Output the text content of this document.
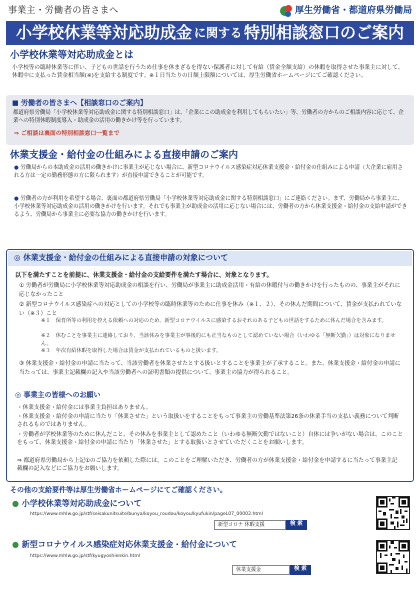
事業主・労働者の皆さまへ	厚生労働省・都道府県労働局
小学校休業等対応助成金 に関する 特別相談窓口のご案内
小学校休業等対応助成金とは
小学校等の臨時休業等に伴い、子どもの世話を行うため仕事を休まざるを得ない保護者に対して有給（賃金全額支給）の休暇を取得させた事業主に対して、休暇中に支払った賃金相当額(※)を支給する制度です。※１日当たりの日額上限額については、厚生労働省ホームページにてご確認ください。
■ 労働者の皆さまへ【相談窓口のご案内】
都道府県労働局「小学校休業等対応助成金に関する特別相談窓口」は、「企業にこの助成金を利用してもらいたい」等、労働者の方からのご相談内容に応じて、企業への特別休暇制度導入・助成金の活用の働きかけ等を行っています。
⇒ ご相談は裏面の特別相談窓口一覧まで
休業支援金・給付金の仕組みによる直接申請のご案内
● 労働局からの本助成金の活用の働きかけに事業主が応じない場合に、新型コロナウイルス感染症対応休業支援金・給付金の仕組みによる申請（大企業に雇用される方は一定の勤務形態の方に限られます）が直接申請できることが可能です。
● 労働者の方が利用を希望する場合、裏面の都道府県労働局「小学校休業等対応助成金に関する特別相談窓口」にご連絡ください。まず、労働局から事業主に、小学校休業等対応助成金の活用の働きかけを行います。それでも事業主が助成金の活用に応じない場合には、労働者の方から休業支援金・給付金の支給申請ができるよう、労働局から事業主に必要な協力の働きかけを行います。
◎ 休業支援金・給付金の仕組みによる直接申請の対象について
以下を満たすことを前提に、休業支援金・給付金の支給要件を満たす場合に、対象となります。
① 労働者が労働局に小学校休業等対応助成金の相談を行い、労働局が事業主に助成金活用・有給の休暇付与の働きかけを行ったものの、事業主がそれに応じなかったこと
② 新型コロナウイルス感染症への対応としての小学校等の臨時休業等のために仕事を休み（※１、２）、その休んだ期間について、賃金が支払われていない（※３）こと
※１　保育所等の利用を控える依頼への対応のため、新型コロナウイルスに感染するおそれのある子どもの世話をするために休んだ場合を含みます。
※２　休むことを事業主に連絡しており、当該休みを事業主が事後的にも正当なものとして認めていない場合（いわゆる「無断欠勤」）は対象になりません。
※３　年次有給休暇を取得した場合は賃金が支払われているものと扱います。
③ 休業支援金・給付金の申請に当たって、当該労働者を休業させたとする扱いとすることを事業主が了承すること。また、休業支援金・給付金の申請に当たっては、事業主記載欄の記入や当該労働者への証明書類の提供について、事業主の協力が得られること。
◎ 事業主の皆様へのお願い
・休業支援金・給付金には事業主負担はありません。
・休業支援金・給付金の申請に当たり「休業させた」という取扱いをすることをもって事業主の労働基準法第26条の休業手当の支払い義務について判断されるものではありません。
・労働者が学校休業等のために休んだこと、その休みを事業主として認めたこと（いわゆる無断欠勤ではないこと）自体には争いがない場合は、このことをもって、休業支援金・給付金の申請に当たり「休業させた」とする取扱いとさせていただくことをお願いします。
⇒ 都道府県労働局から上記①のご協力を依頼した際には、このことをご理解いただき、労働者の方が休業支援金・給付金を申請するに当たって事業主記載欄の記入などにご協力をお願いします。
その他の支給要件等は厚生労働省ホームページにてご確認ください。
● 小学校休業等対応助成金について
https://www.mhlw.go.jp/stf/seisakunitsuite/bunya/koyou_roudou/koyou/kyufukin/pageL07_00002.html
新型コロナ 休暇支援	検 索
● 新型コロナウイルス感染症対応休業支援金・給付金について
https://www.mhlw.go.jp/stf/kyugyoshienkin.html
休業支援金	検 索
